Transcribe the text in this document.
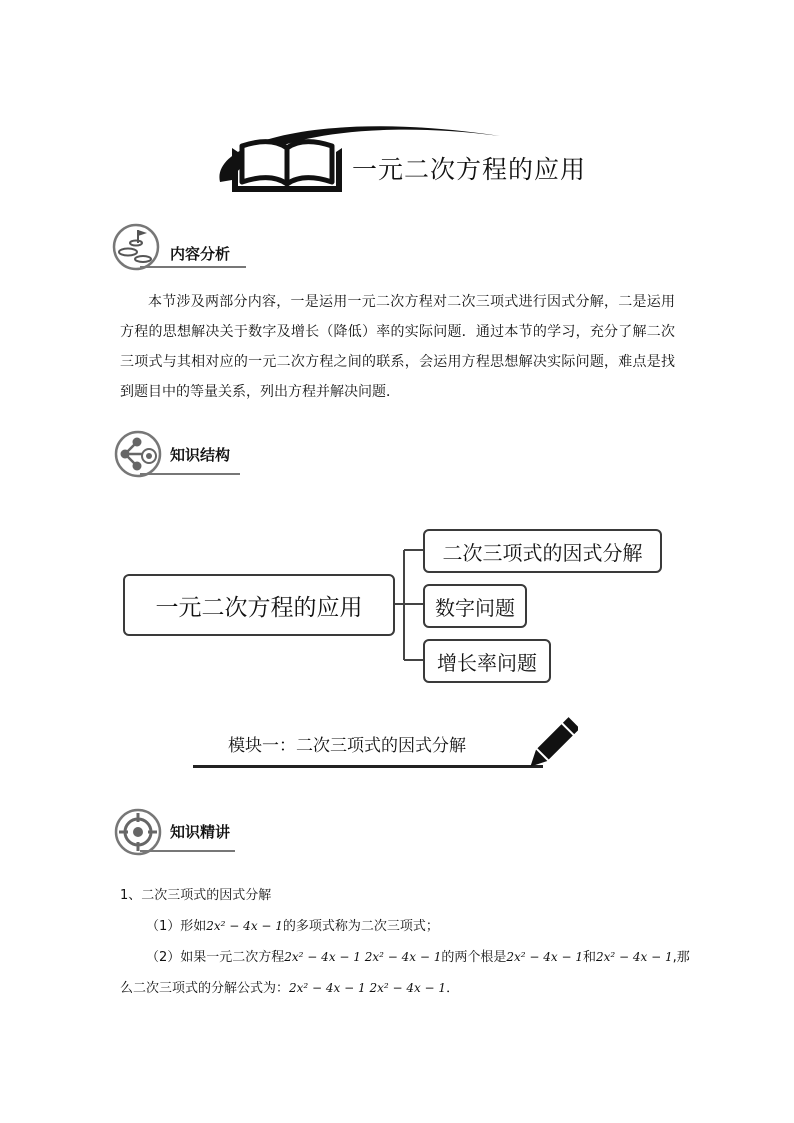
一元二次方程的应用
内容分析

本节涉及两部分内容，一是运用一元二次方程对二次三项式进行因式分解，二是运用方程的思想解决关于数字及增长（降低）率的实际问题．通过本节的学习，充分了解二次三项式与其相对应的一元二次方程之间的联系，会运用方程思想解决实际问题，难点是找到题目中的等量关系，列出方程并解决问题．

知识结构
一元二次方程的应用
二次三项式的因式分解
数字问题
增长率问题
模块一：二次三项式的因式分解
知识精讲
1、二次三项式的因式分解
（1）形如2x² − 4x − 1的多项式称为二次三项式；
（2）如果一元二次方程2x² − 4x − 1 2x² − 4x − 1的两个根是2x² − 4x − 1和2x² − 4x − 1,那
么二次三项式的分解公式为：2x² − 4x − 1 2x² − 4x − 1．
